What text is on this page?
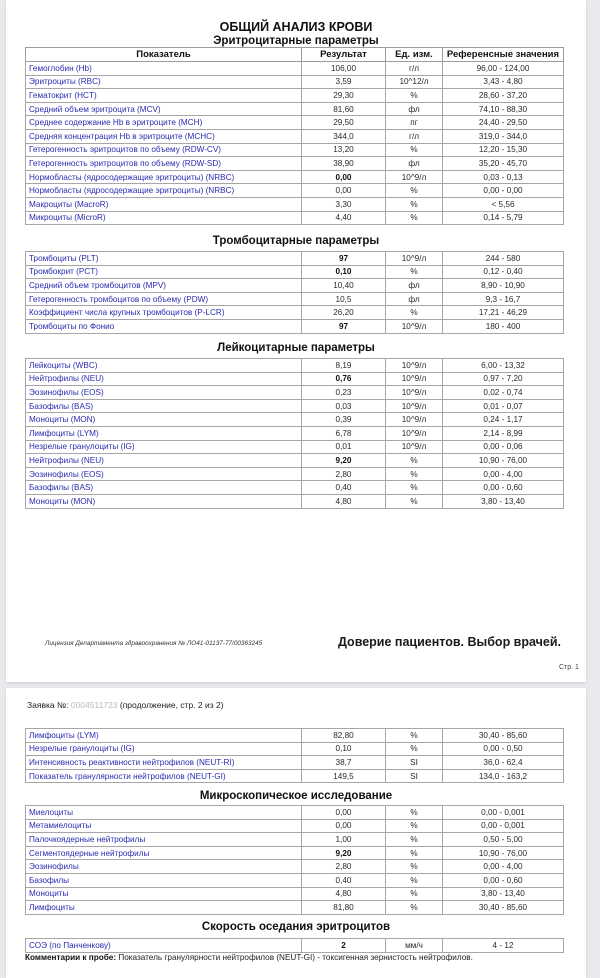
ОБЩИЙ АНАЛИЗ КРОВИ
Эритроцитарные параметры
Показатель	Результат	Ед. изм.	Референсные значения
Гемоглобин (Hb)	106,00	г/л	96,00 - 124,00
Эритроциты (RBC)	3,59	10^12/л	3,43 - 4,80
Гематокрит (HCT)	29,30	%	28,60 - 37,20
Средний объем эритроцита (MCV)	81,60	фл	74,10 - 88,30
Среднее содержание Hb в эритроците (MCH)	29,50	пг	24,40 - 29,50
Средняя концентрация Hb в эритроците (MCHC)	344,0	г/л	319,0 - 344,0
Гетерогенность эритроцитов по объему (RDW-CV)	13,20	%	12,20 - 15,30
Гетерогенность эритроцитов по объему (RDW-SD)	38,90	фл	35,20 - 45,70
Нормобласты (ядросодержащие эритроциты) (NRBC)	0,00	10^9/л	0,03 - 0,13
Нормобласты (ядросодержащие эритроциты) (NRBC)	0,00	%	0,00 - 0,00
Макроциты (MacroR)	3,30	%	< 5,56
Микроциты (MicroR)	4,40	%	0,14 - 5,79
Тромбоцитарные параметры
Тромбоциты (PLT)	97	10^9/л	244 - 580
Тромбокрит (PCT)	0,10	%	0,12 - 0,40
Средний объем тромбоцитов (MPV)	10,40	фл	8,90 - 10,90
Гетерогенность тромбоцитов по объему (PDW)	10,5	фл	9,3 - 16,7
Коэффициент числа крупных тромбоцитов (P-LCR)	26,20	%	17,21 - 46,29
Тромбоциты по Фонио	97	10^9/л	180 - 400
Лейкоцитарные параметры
Лейкоциты (WBC)	8,19	10^9/л	6,00 - 13,32
Нейтрофилы (NEU)	0,76	10^9/л	0,97 - 7,20
Эозинофилы (EOS)	0,23	10^9/л	0,02 - 0,74
Базофилы (BAS)	0,03	10^9/л	0,01 - 0,07
Моноциты (MON)	0,39	10^9/л	0,24 - 1,17
Лимфоциты (LYM)	6,78	10^9/л	2,14 - 8,99
Незрелые гранулоциты (IG)	0,01	10^9/л	0,00 - 0,06
Нейтрофилы (NEU)	9,20	%	10,90 - 76,00
Эозинофилы (EOS)	2,80	%	0,00 - 4,00
Базофилы (BAS)	0,40	%	0,00 - 0,60
Моноциты (MON)	4,80	%	3,80 - 13,40
Лицензия Департамента здравоохранения № ЛО41-01137-77/00363245	Доверие пациентов. Выбор врачей.
Стр. 1
Заявка №: 0004511723 (продолжение, стр. 2 из 2)
Лимфоциты (LYM)	82,80	%	30,40 - 85,60
Незрелые гранулоциты (IG)	0,10	%	0,00 - 0,50
Интенсивность реактивности нейтрофилов (NEUT-RI)	38,7	SI	36,0 - 62,4
Показатель гранулярности нейтрофилов (NEUT-GI)	149,5	SI	134,0 - 163,2
Микроскопическое исследование
Миелоциты	0,00	%	0,00 - 0,001
Метамиелоциты	0,00	%	0,00 - 0,001
Палочкоядерные нейтрофилы	1,00	%	0,50 - 5,00
Сегментоядерные нейтрофилы	9,20	%	10,90 - 76,00
Эозинофилы	2,80	%	0,00 - 4,00
Базофилы	0,40	%	0,00 - 0,60
Моноциты	4,80	%	3,80 - 13,40
Лимфоциты	81,80	%	30,40 - 85,60
Скорость оседания эритроцитов
СОЭ (по Панченкову)	2	мм/ч	4 - 12
Комментарии к пробе: Показатель гранулярности нейтрофилов (NEUT-GI) - токсигенная зернистость нейтрофилов.
